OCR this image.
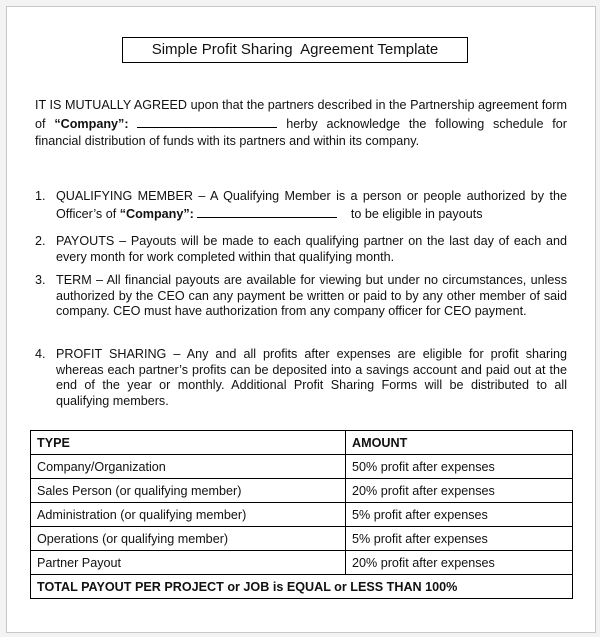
Simple Profit Sharing  Agreement Template
IT IS MUTUALLY AGREED upon that the partners described in the Partnership agreement form of “Company”:	herby acknowledge the following schedule for financial distribution of funds with its partners and within its company.
1. QUALIFYING MEMBER – A Qualifying Member is a person or people authorized by the Officer’s of “Company”:	to be eligible in payouts
2. PAYOUTS – Payouts will be made to each qualifying partner on the last day of each and every month for work completed within that qualifying month.
3. TERM – All financial payouts are available for viewing but under no circumstances, unless authorized by the CEO can any payment be written or paid to by any other member of said company. CEO must have authorization from any company officer for CEO payment.
4. PROFIT SHARING – Any and all profits after expenses are eligible for profit sharing whereas each partner’s profits can be deposited into a savings account and paid out at the end of the year or monthly. Additional Profit Sharing Forms will be distributed to all qualifying members.
TYPE	AMOUNT
Company/Organization	50% profit after expenses
Sales Person (or qualifying member)	20% profit after expenses
Administration (or qualifying member)	5% profit after expenses
Operations (or qualifying member)	5% profit after expenses
Partner Payout	20% profit after expenses
TOTAL PAYOUT PER PROJECT or JOB is EQUAL or LESS THAN 100%	
